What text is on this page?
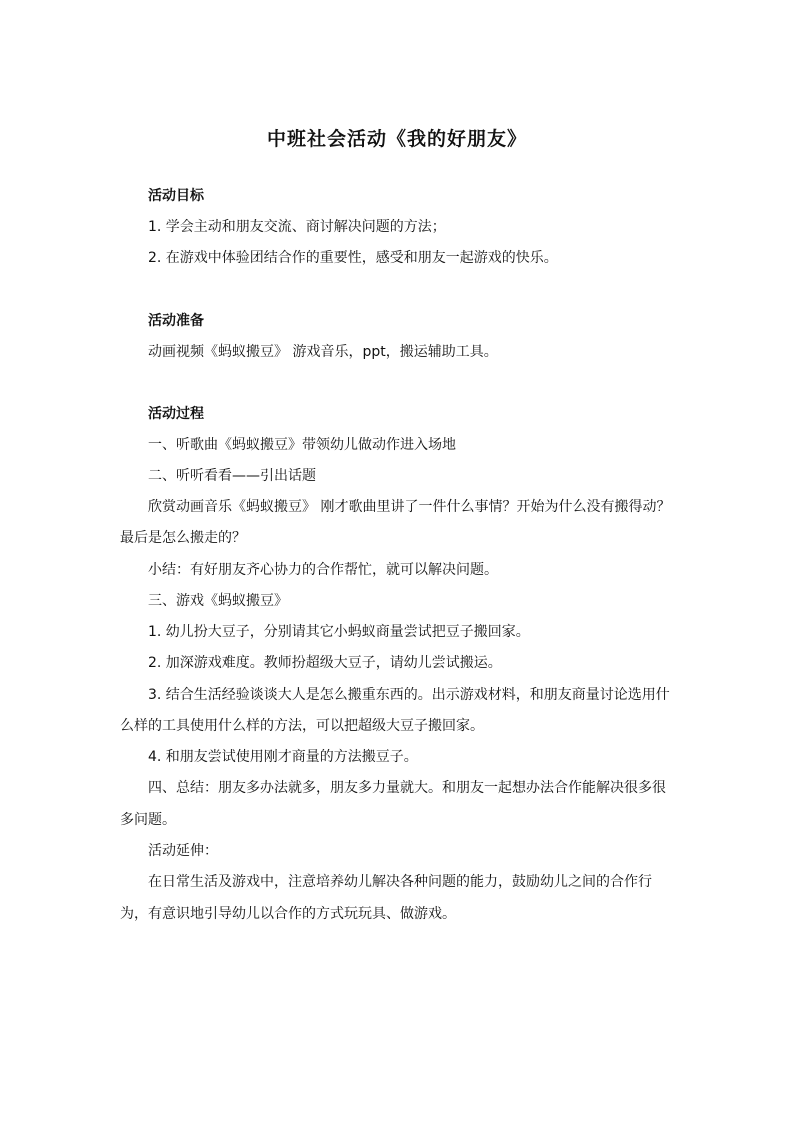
中班社会活动《我的好朋友》
活动目标
1. 学会主动和朋友交流、商讨解决问题的方法；
2. 在游戏中体验团结合作的重要性，感受和朋友一起游戏的快乐。
活动准备
动画视频《蚂蚁搬豆》 游戏音乐，ppt，搬运辅助工具。
活动过程
一、听歌曲《蚂蚁搬豆》带领幼儿做动作进入场地
二、听听看看——引出话题
欣赏动画音乐《蚂蚁搬豆》 刚才歌曲里讲了一件什么事情？开始为什么没有搬得动？
最后是怎么搬走的？
小结：有好朋友齐心协力的合作帮忙，就可以解决问题。
三、游戏《蚂蚁搬豆》
1. 幼儿扮大豆子，分别请其它小蚂蚁商量尝试把豆子搬回家。
2. 加深游戏难度。教师扮超级大豆子，请幼儿尝试搬运。
3. 结合生活经验谈谈大人是怎么搬重东西的。出示游戏材料，和朋友商量讨论选用什
么样的工具使用什么样的方法，可以把超级大豆子搬回家。
4. 和朋友尝试使用刚才商量的方法搬豆子。
四、总结：朋友多办法就多，朋友多力量就大。和朋友一起想办法合作能解决很多很
多问题。
活动延伸：
在日常生活及游戏中，注意培养幼儿解决各种问题的能力，鼓励幼儿之间的合作行
为，有意识地引导幼儿以合作的方式玩玩具、做游戏。
